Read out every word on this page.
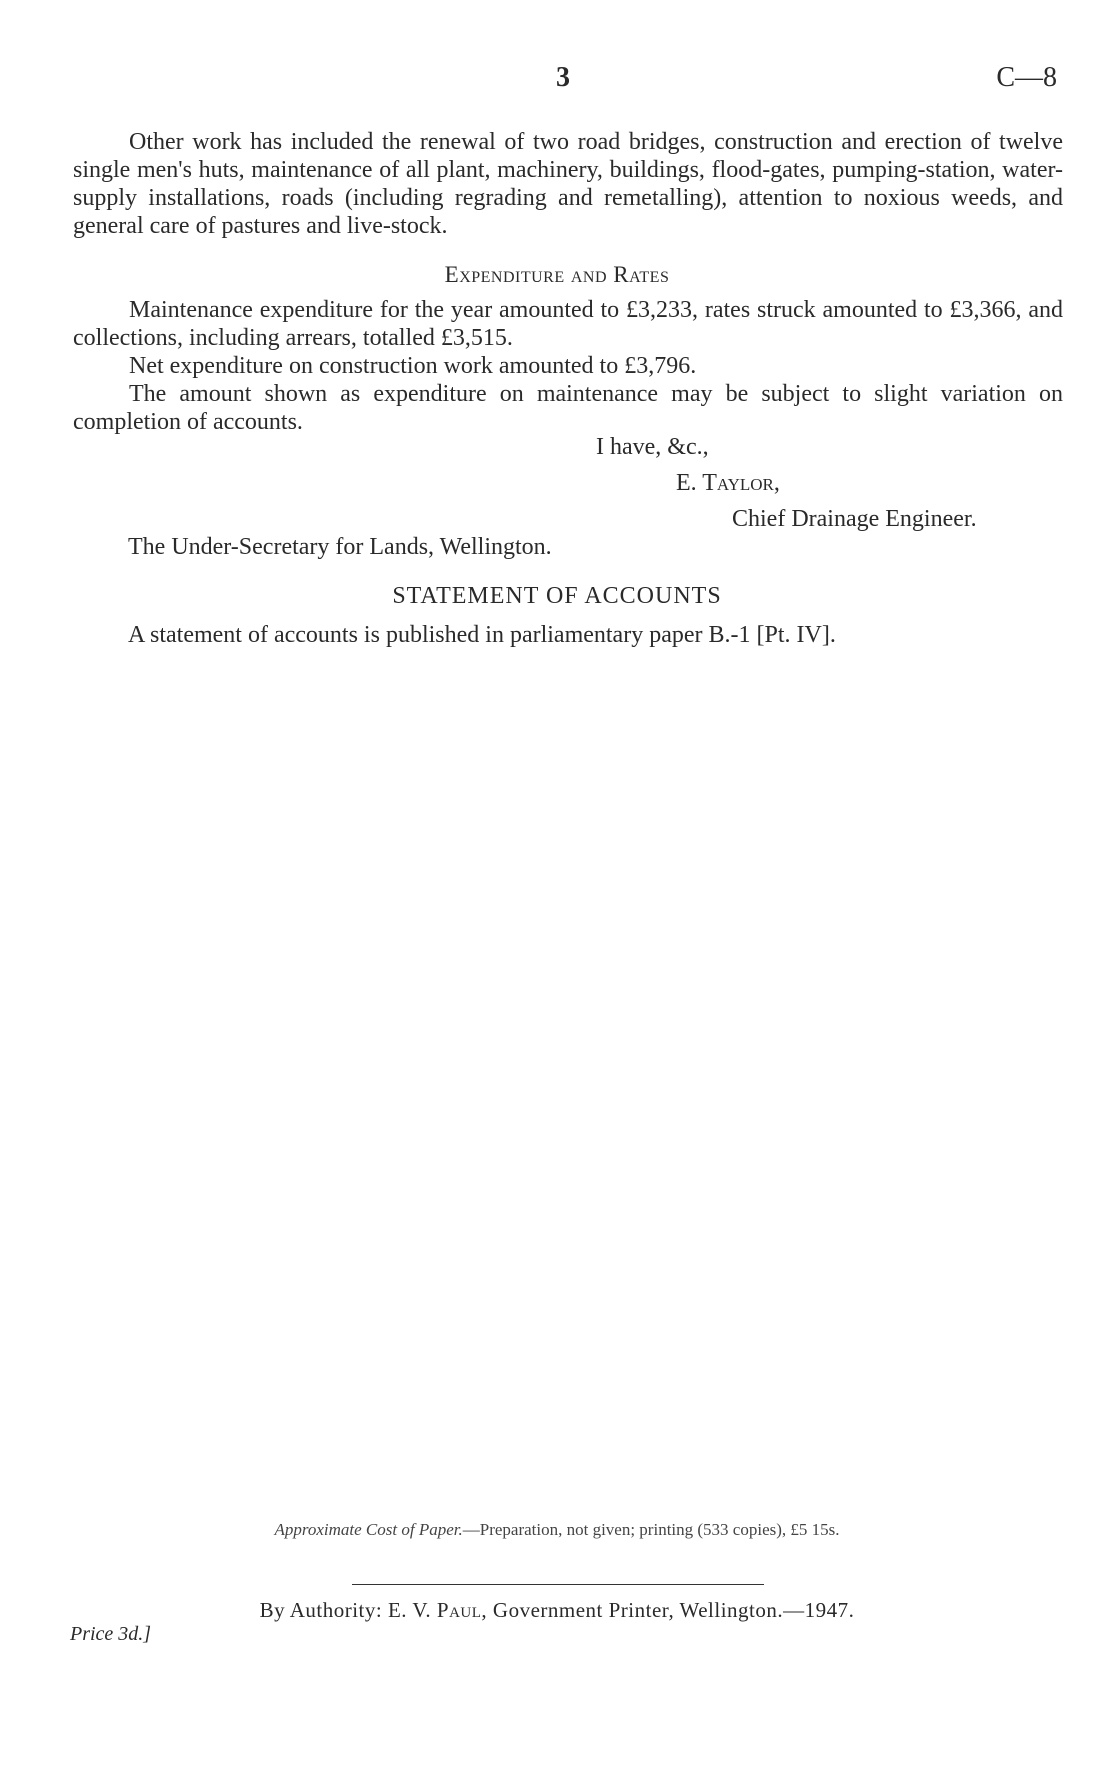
3	C—8

Other work has included the renewal of two road bridges, construction and erection of twelve single men's huts, maintenance of all plant, machinery, buildings, flood-gates, pumping-station, water-supply installations, roads (including regrading and remetalling), attention to noxious weeds, and general care of pastures and live-stock.

Expenditure and Rates

Maintenance expenditure for the year amounted to £3,233, rates struck amounted to £3,366, and collections, including arrears, totalled £3,515.

Net expenditure on construction work amounted to £3,796.

The amount shown as expenditure on maintenance may be subject to slight variation on completion of accounts.

I have, &c.,
E. Taylor,
Chief Drainage Engineer.
The Under-Secretary for Lands, Wellington.
STATEMENT OF ACCOUNTS
A statement of accounts is published in parliamentary paper B.-1 [Pt. IV].
Approximate Cost of Paper.—Preparation, not given; printing (533 copies), £5 15s.
By Authority: E. V. Paul, Government Printer, Wellington.—1947.
Price 3d.]
